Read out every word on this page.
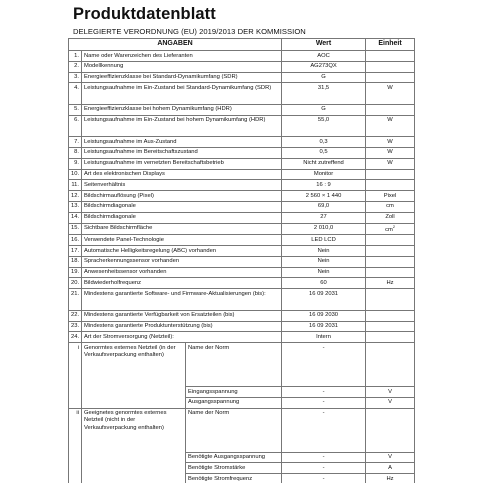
Produktdatenblatt
DELEGIERTE VERORDNUNG (EU) 2019/2013 DER KOMMISSION
ANGABEN			Wert	Einheit
1.	Name oder Warenzeichen des Lieferanten		AOC	
2.	Modellkennung		AG273QX	
3.	Energieeffizienzklasse bei Standard-Dynamikumfang (SDR)		G	
4.	Leistungsaufnahme im Ein-Zustand bei Standard-Dynamikumfang (SDR)		31,5	W
5.	Energieeffizienzklasse bei hohem Dynamikumfang (HDR)		G	
6.	Leistungsaufnahme im Ein-Zustand bei hohem Dynamikumfang (HDR)		55,0	W
7.	Leistungsaufnahme im Aus-Zustand		0,3	W
8.	Leistungsaufnahme im Bereitschaftszustand		0,5	W
9.	Leistungsaufnahme im vernetzten Bereitschaftsbetrieb		Nicht zutreffend	W
10.	Art des elektronischen Displays		Monitor	
11.	Seitenverhältnis		16 : 9	
12.	Bildschirmauflösung (Pixel)		2 560 × 1 440	Pixel
13.	Bildschirmdiagonale		69,0	cm
14.	Bildschirmdiagonale		27	Zoll
15.	Sichtbare Bildschirmfläche		2 010,0	$cm^2$
16.	Verwendete Panel-Technologie		LED LCD	
17.	Automatische Helligkeitsregelung (ABC) vorhanden		Nein	
18.	Spracherkennungssensor vorhanden		Nein	
19.	Anwesenheitssensor vorhanden		Nein	
20.	Bildwiederholfrequenz		60	Hz
21.	Mindestens garantierte Software- und Firmware-Aktualisierungen (bis):		16 09 2031	
22.	Mindestens garantierte Verfügbarkeit von Ersatzteilen (bis)		16 09 2030	
23.	Mindestens garantierte Produktunterstützung (bis)		16 09 2031	
24.	Art der Stromversorgung (Netzteil):		Intern	
i	Genormtes externes Netzteil (in der Verkaufsverpackung enthalten)	Name der Norm	-	
		Eingangsspannung	-	V
		Ausgangsspannung	-	V
ii	Geeignetes genormtes externes Netzteil (nicht in der Verkaufsverpackung enthalten)	Name der Norm	-	
		Benötigte Ausgangsspannung	-	V
		Benötigte Stromstärke	-	A
		Benötigte Stromfrequenz	-	Hz
